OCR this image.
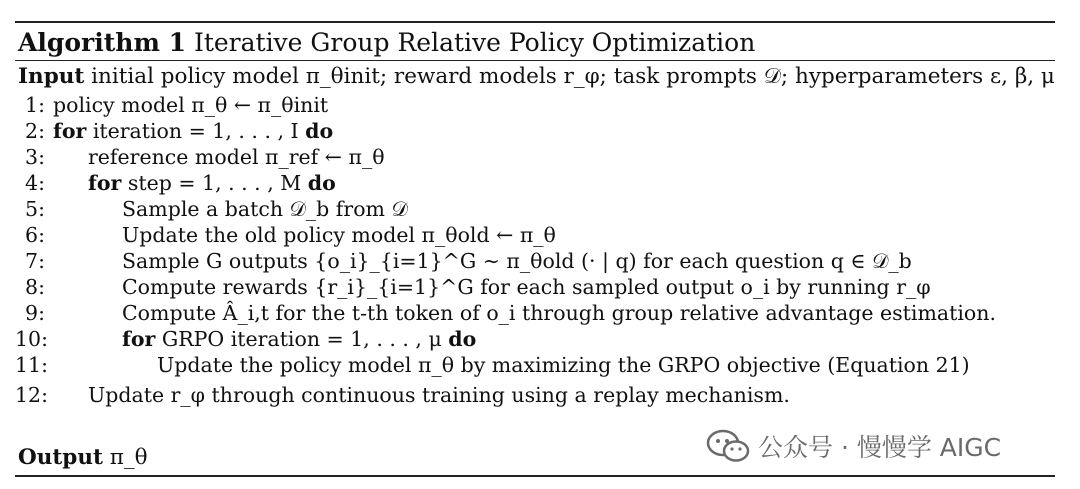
Algorithm 1 Iterative Group Relative Policy Optimization
Input initial policy model π_θinit; reward models r_φ; task prompts 𝒟; hyperparameters ε, β, μ
1: policy model π_θ ← π_θinit
2: for iteration = 1, . . . , I do
3: reference model π_ref ← π_θ
4: for step = 1, . . . , M do
5:	Sample a batch 𝒟_b from 𝒟
6:	Update the old policy model π_θold ← π_θ
7:	Sample G outputs {o_i}_{i=1}^G ∼ π_θold (· | q) for each question q ∈ 𝒟_b
8:	Compute rewards {r_i}_{i=1}^G for each sampled output o_i by running r_φ
9:	Compute Â_i,t for the t-th token of o_i through group relative advantage estimation.
10:	for GRPO iteration = 1, . . . , μ do
11:	Update the policy model π_θ by maximizing the GRPO objective (Equation 21)
12: Update r_φ through continuous training using a replay mechanism.
Output π_θ	公众号 · 慢慢学 AIGC
